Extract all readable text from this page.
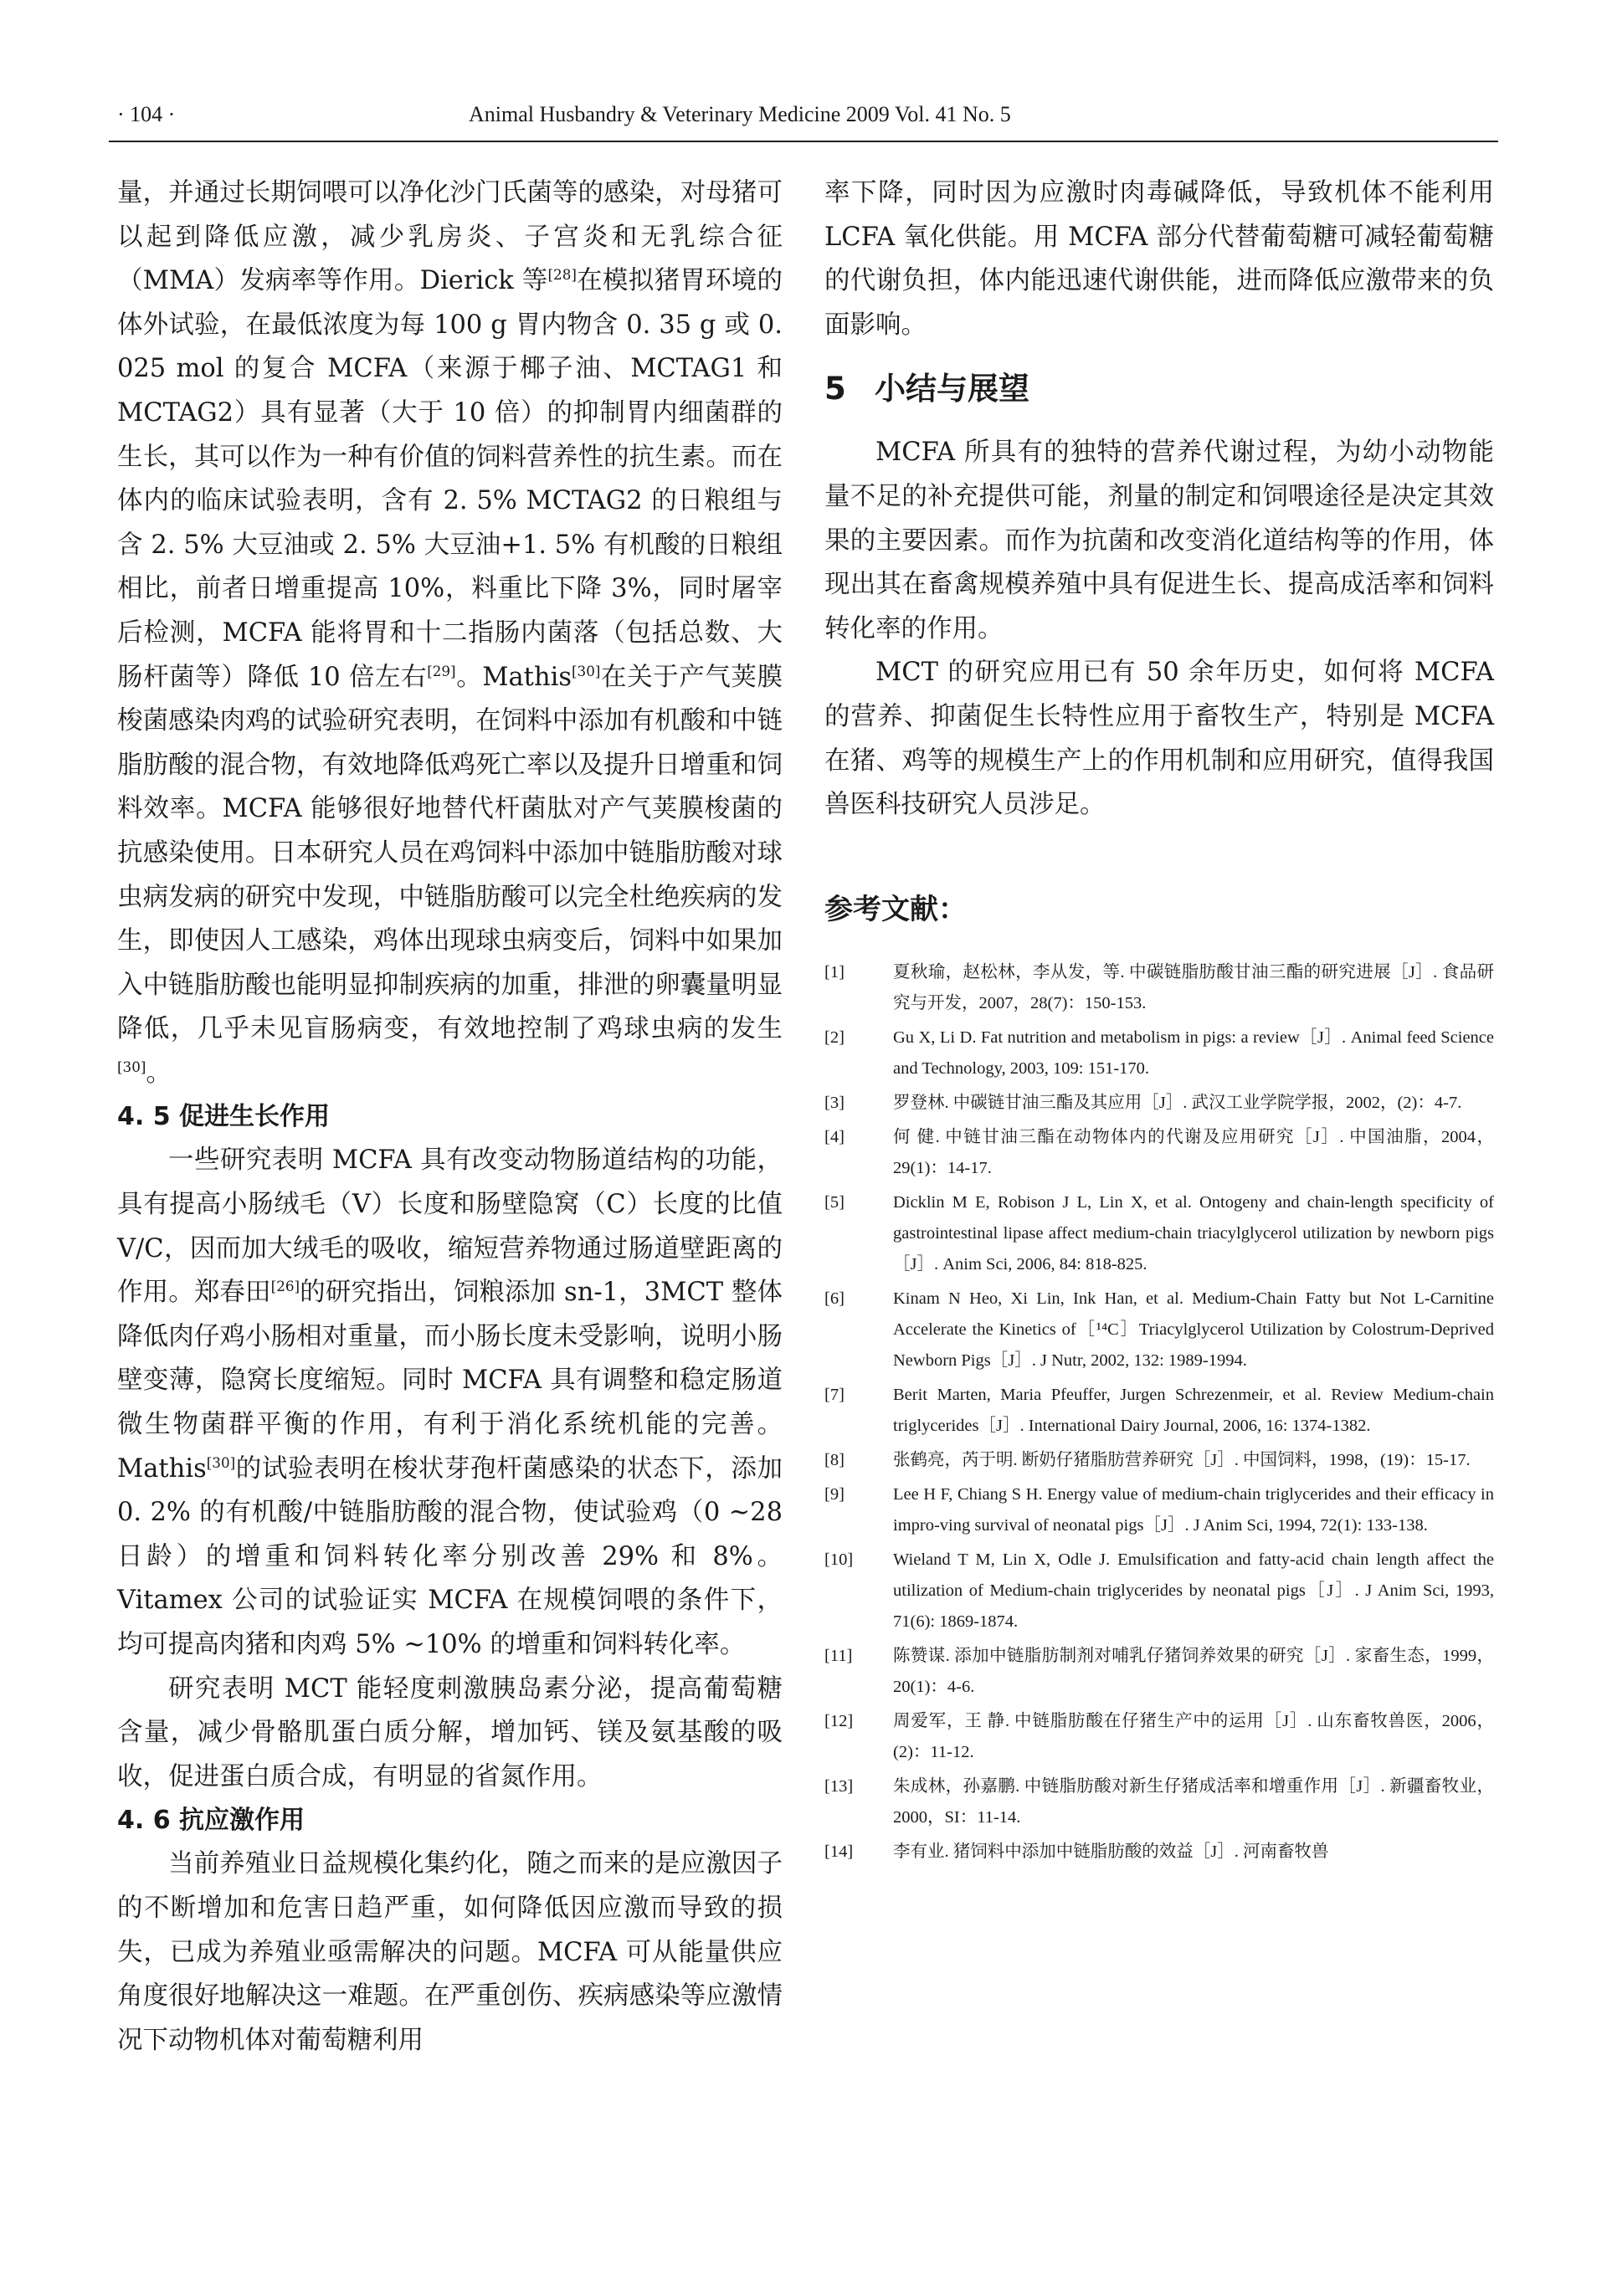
· 104 ·	Animal Husbandry & Veterinary Medicine 2009 Vol. 41 No. 5

量，并通过长期饲喂可以净化沙门氏菌等的感染，对母猪可以起到降低应激，减少乳房炎、子宫炎和无乳综合征（MMA）发病率等作用。Dierick 等[28]在模拟猪胃环境的体外试验，在最低浓度为每 100 g 胃内物含 0. 35 g 或 0. 025 mol 的复合 MCFA（来源于椰子油、MCTAG1 和 MCTAG2）具有显著（大于 10 倍）的抑制胃内细菌群的生长，其可以作为一种有价值的饲料营养性的抗生素。而在体内的临床试验表明，含有 2. 5% MCTAG2 的日粮组与含 2. 5% 大豆油或 2. 5% 大豆油+1. 5% 有机酸的日粮组相比，前者日增重提高 10%，料重比下降 3%，同时屠宰后检测，MCFA 能将胃和十二指肠内菌落（包括总数、大肠杆菌等）降低 10 倍左右[29]。Mathis[30]在关于产气荚膜梭菌感染肉鸡的试验研究表明，在饲料中添加有机酸和中链脂肪酸的混合物，有效地降低鸡死亡率以及提升日增重和饲料效率。MCFA 能够很好地替代杆菌肽对产气荚膜梭菌的抗感染使用。日本研究人员在鸡饲料中添加中链脂肪酸对球虫病发病的研究中发现，中链脂肪酸可以完全杜绝疾病的发生，即使因人工感染，鸡体出现球虫病变后，饲料中如果加入中链脂肪酸也能明显抑制疾病的加重，排泄的卵囊量明显降低，几乎未见盲肠病变，有效地控制了鸡球虫病的发生[30]。

4. 5 促进生长作用

一些研究表明 MCFA 具有改变动物肠道结构的功能，具有提高小肠绒毛（V）长度和肠壁隐窝（C）长度的比值 V/C，因而加大绒毛的吸收，缩短营养物通过肠道壁距离的作用。郑春田[26]的研究指出，饲粮添加 sn-1，3MCT 整体降低肉仔鸡小肠相对重量，而小肠长度未受影响，说明小肠壁变薄，隐窝长度缩短。同时 MCFA 具有调整和稳定肠道微生物菌群平衡的作用，有利于消化系统机能的完善。Mathis[30]的试验表明在梭状芽孢杆菌感染的状态下，添加 0. 2% 的有机酸/中链脂肪酸的混合物，使试验鸡（0 ~28 日龄）的增重和饲料转化率分别改善 29% 和 8%。Vitamex 公司的试验证实 MCFA 在规模饲喂的条件下，均可提高肉猪和肉鸡 5% ~10% 的增重和饲料转化率。

研究表明 MCT 能轻度刺激胰岛素分泌，提高葡萄糖含量，减少骨骼肌蛋白质分解，增加钙、镁及氨基酸的吸收，促进蛋白质合成，有明显的省氮作用。

4. 6 抗应激作用

当前养殖业日益规模化集约化，随之而来的是应激因子的不断增加和危害日趋严重，如何降低因应激而导致的损失，已成为养殖业亟需解决的问题。MCFA 可从能量供应角度很好地解决这一难题。在严重创伤、疾病感染等应激情况下动物机体对葡萄糖利用

率下降，同时因为应激时肉毒碱降低，导致机体不能利用 LCFA 氧化供能。用 MCFA 部分代替葡萄糖可减轻葡萄糖的代谢负担，体内能迅速代谢供能，进而降低应激带来的负面影响。

5 小结与展望

MCFA 所具有的独特的营养代谢过程，为幼小动物能量不足的补充提供可能，剂量的制定和饲喂途径是决定其效果的主要因素。而作为抗菌和改变消化道结构等的作用，体现出其在畜禽规模养殖中具有促进生长、提高成活率和饲料转化率的作用。

MCT 的研究应用已有 50 余年历史，如何将 MCFA 的营养、抑菌促生长特性应用于畜牧生产，特别是 MCFA 在猪、鸡等的规模生产上的作用机制和应用研究，值得我国兽医科技研究人员涉足。

参考文献：
[1]	夏秋瑜，赵松林，李从发，等. 中碳链脂肪酸甘油三酯的研究进展［J］. 食品研究与开发，2007，28(7)：150-153.
[2]	Gu X, Li D. Fat nutrition and metabolism in pigs: a review［J］. Animal feed Science and Technology, 2003, 109: 151-170.
[3]	罗登林. 中碳链甘油三酯及其应用［J］. 武汉工业学院学报，2002，(2)：4-7.
[4]	何 健. 中链甘油三酯在动物体内的代谢及应用研究［J］. 中国油脂，2004，29(1)：14-17.
[5]	Dicklin M E, Robison J L, Lin X, et al. Ontogeny and chain-length specificity of gastrointestinal lipase affect medium-chain triacylglycerol utilization by newborn pigs［J］. Anim Sci, 2006, 84: 818-825.
[6]	Kinam N Heo, Xi Lin, Ink Han, et al. Medium-Chain Fatty but Not L-Carnitine Accelerate the Kinetics of［¹⁴C］Triacylglycerol Utilization by Colostrum-Deprived Newborn Pigs［J］. J Nutr, 2002, 132: 1989-1994.
[7]	Berit Marten, Maria Pfeuffer, Jurgen Schrezenmeir, et al. Review Medium-chain triglycerides［J］. International Dairy Journal, 2006, 16: 1374-1382.
[8]	张鹤亮，芮于明. 断奶仔猪脂肪营养研究［J］. 中国饲料，1998，(19)：15-17.
[9]	Lee H F, Chiang S H. Energy value of medium-chain triglycerides and their efficacy in impro-ving survival of neonatal pigs［J］. J Anim Sci, 1994, 72(1): 133-138.
[10]	Wieland T M, Lin X, Odle J. Emulsification and fatty-acid chain length affect the utilization of Medium-chain triglycerides by neonatal pigs［J］. J Anim Sci, 1993, 71(6): 1869-1874.
[11]	陈赞谋. 添加中链脂肪制剂对哺乳仔猪饲养效果的研究［J］. 家畜生态，1999，20(1)：4-6.
[12]	周爱军，王 静. 中链脂肪酸在仔猪生产中的运用［J］. 山东畜牧兽医，2006，(2)：11-12.
[13]	朱成林，孙嘉鹏. 中链脂肪酸对新生仔猪成活率和增重作用［J］. 新疆畜牧业，2000，SI：11-14.
[14]	李有业. 猪饲料中添加中链脂肪酸的效益［J］. 河南畜牧兽
